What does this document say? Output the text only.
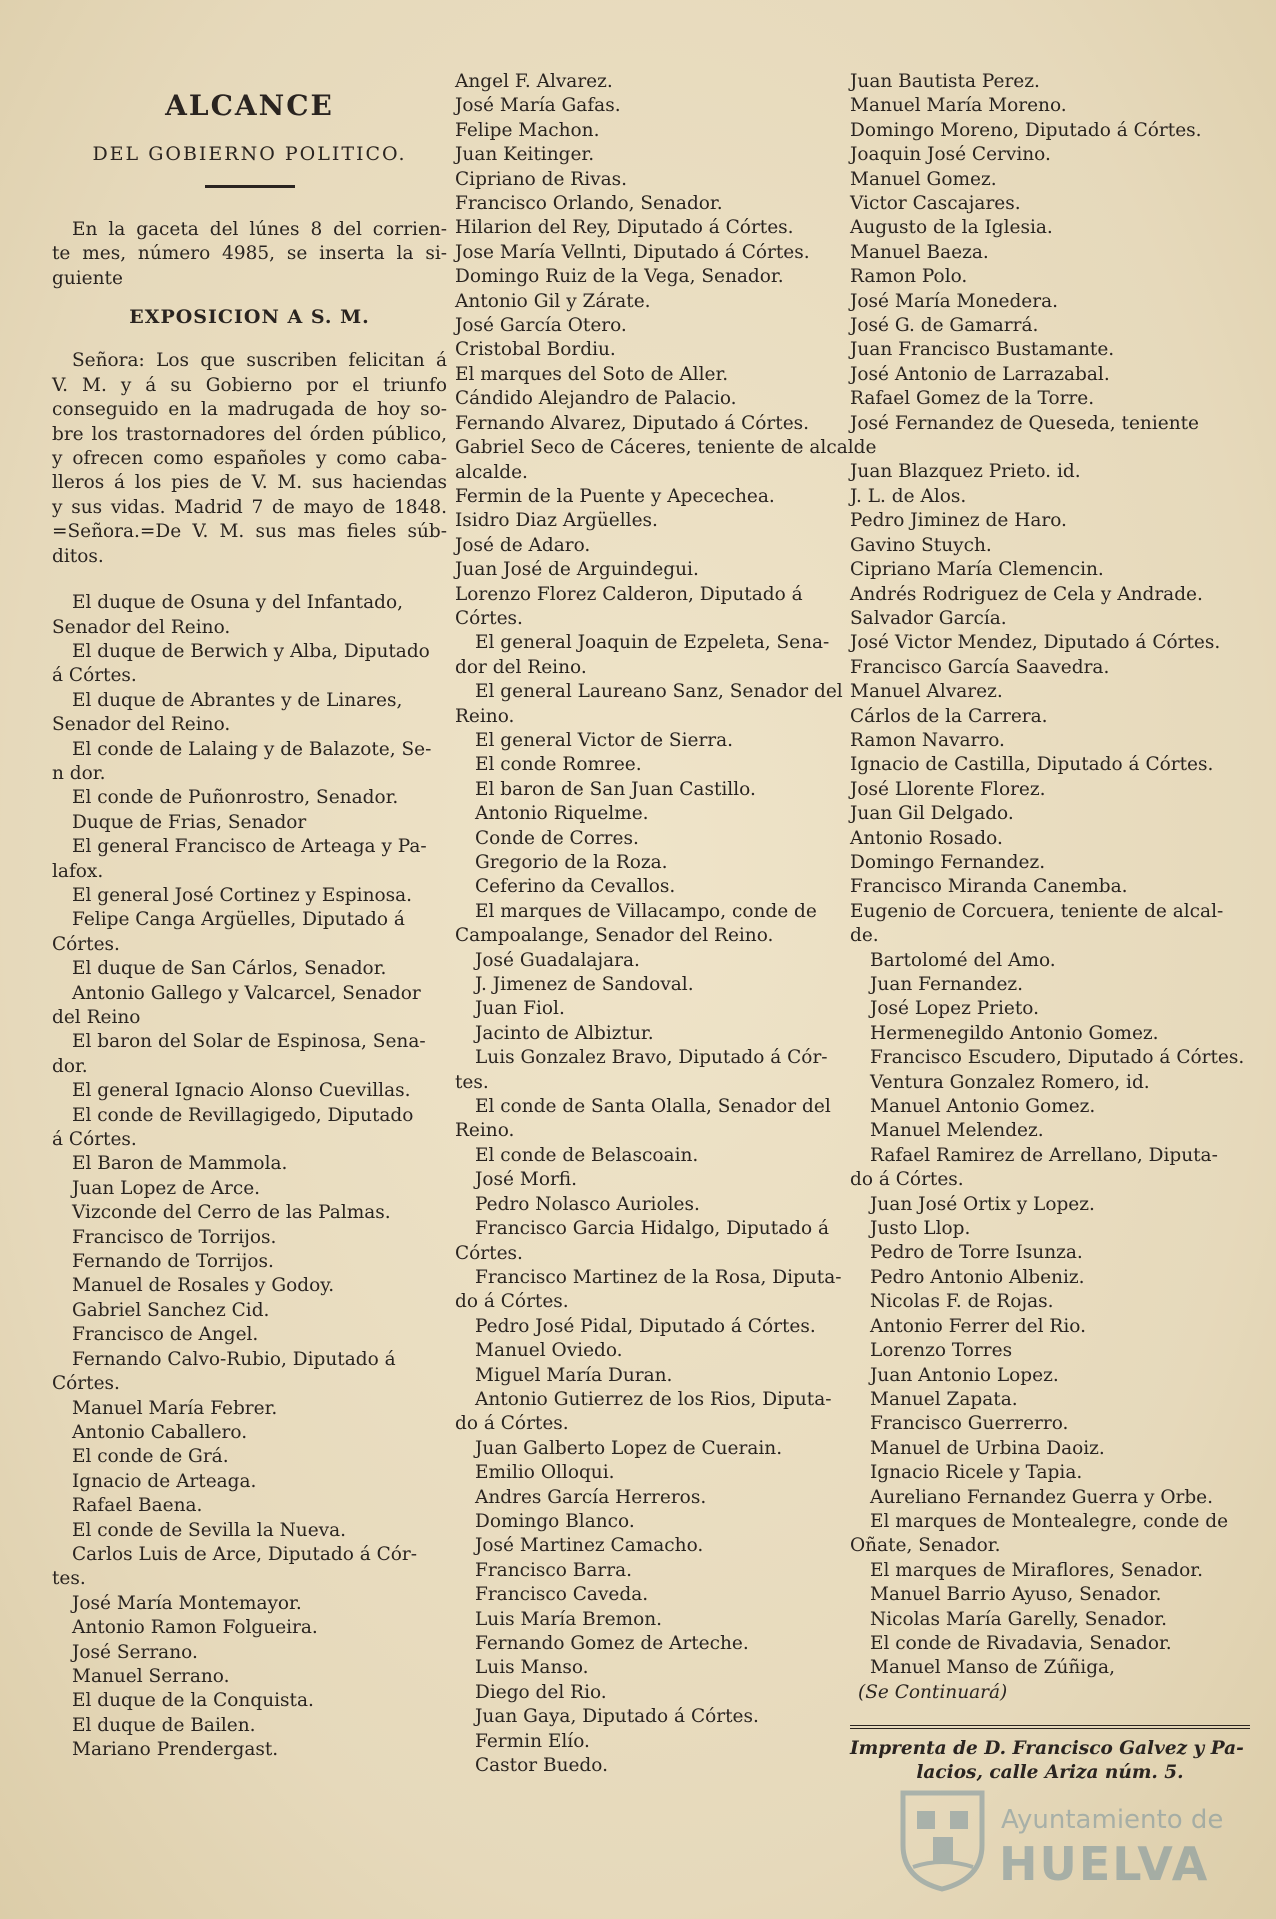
ALCANCE
DEL GOBIERNO POLITICO.
En la gaceta del lúnes 8 del corrien-
te mes, número 4985, se inserta la si-
guiente
EXPOSICION A S. M.
Señora: Los que suscriben felicitan á
V. M. y á su Gobierno por el triunfo
conseguido en la madrugada de hoy so-
bre los trastornadores del órden público,
y ofrecen como españoles y como caba-
lleros á los pies de V. M. sus haciendas
y sus vidas. Madrid 7 de mayo de 1848.
=Señora.=De V. M. sus mas fieles súb-
ditos.
El duque de Osuna y del Infantado,
Senador del Reino.
El duque de Berwich y Alba, Diputado
á Córtes.
El duque de Abrantes y de Linares,
Senador del Reino.
El conde de Lalaing y de Balazote, Se-
n dor.
El conde de Puñonrostro, Senador.
Duque de Frias, Senador
El general Francisco de Arteaga y Pa-
lafox.
El general José Cortinez y Espinosa.
Felipe Canga Argüelles, Diputado á
Córtes.
El duque de San Cárlos, Senador.
Antonio Gallego y Valcarcel, Senador
del Reino
El baron del Solar de Espinosa, Sena-
dor.
El general Ignacio Alonso Cuevillas.
El conde de Revillagigedo, Diputado
á Córtes.
El Baron de Mammola.
Juan Lopez de Arce.
Vizconde del Cerro de las Palmas.
Francisco de Torrijos.
Fernando de Torrijos.
Manuel de Rosales y Godoy.
Gabriel Sanchez Cid.
Francisco de Angel.
Fernando Calvo-Rubio, Diputado á
Córtes.
Manuel María Febrer.
Antonio Caballero.
El conde de Grá.
Ignacio de Arteaga.
Rafael Baena.
El conde de Sevilla la Nueva.
Carlos Luis de Arce, Diputado á Cór-
tes.
José María Montemayor.
Antonio Ramon Folgueira.
José Serrano.
Manuel Serrano.
El duque de la Conquista.
El duque de Bailen.
Mariano Prendergast.
Angel F. Alvarez.
José María Gafas.
Felipe Machon.
Juan Keitinger.
Cipriano de Rivas.
Francisco Orlando, Senador.
Hilarion del Rey, Diputado á Córtes.
Jose María Vellnti, Diputado á Córtes.
Domingo Ruiz de la Vega, Senador.
Antonio Gil y Zárate.
José García Otero.
Cristobal Bordiu.
El marques del Soto de Aller.
Cándido Alejandro de Palacio.
Fernando Alvarez, Diputado á Córtes.
Gabriel Seco de Cáceres, teniente de alcalde
alcalde.
Fermin de la Puente y Apecechea.
Isidro Diaz Argüelles.
José de Adaro.
Juan José de Arguindegui.
Lorenzo Florez Calderon, Diputado á
Córtes.
El general Joaquin de Ezpeleta, Sena-
dor del Reino.
El general Laureano Sanz, Senador del
Reino.
El general Victor de Sierra.
El conde Romree.
El baron de San Juan Castillo.
Antonio Riquelme.
Conde de Corres.
Gregorio de la Roza.
Ceferino da Cevallos.
El marques de Villacampo, conde de
Campoalange, Senador del Reino.
José Guadalajara.
J. Jimenez de Sandoval.
Juan Fiol.
Jacinto de Albiztur.
Luis Gonzalez Bravo, Diputado á Cór-
tes.
El conde de Santa Olalla, Senador del
Reino.
El conde de Belascoain.
José Morfi.
Pedro Nolasco Aurioles.
Francisco Garcia Hidalgo, Diputado á
Córtes.
Francisco Martinez de la Rosa, Diputa-
do á Córtes.
Pedro José Pidal, Diputado á Córtes.
Manuel Oviedo.
Miguel María Duran.
Antonio Gutierrez de los Rios, Diputa-
do á Córtes.
Juan Galberto Lopez de Cuerain.
Emilio Olloqui.
Andres García Herreros.
Domingo Blanco.
José Martinez Camacho.
Francisco Barra.
Francisco Caveda.
Luis María Bremon.
Fernando Gomez de Arteche.
Luis Manso.
Diego del Rio.
Juan Gaya, Diputado á Córtes.
Fermin Elío.
Castor Buedo.
Juan Bautista Perez.
Manuel María Moreno.
Domingo Moreno, Diputado á Córtes.
Joaquin José Cervino.
Manuel Gomez.
Victor Cascajares.
Augusto de la Iglesia.
Manuel Baeza.
Ramon Polo.
José María Monedera.
José G. de Gamarrá.
Juan Francisco Bustamante.
José Antonio de Larrazabal.
Rafael Gomez de la Torre.
José Fernandez de Queseda, teniente
Juan Blazquez Prieto. id.
J. L. de Alos.
Pedro Jiminez de Haro.
Gavino Stuych.
Cipriano María Clemencin.
Andrés Rodriguez de Cela y Andrade.
Salvador García.
José Victor Mendez, Diputado á Córtes.
Francisco García Saavedra.
Manuel Alvarez.
Cárlos de la Carrera.
Ramon Navarro.
Ignacio de Castilla, Diputado á Córtes.
José Llorente Florez.
Juan Gil Delgado.
Antonio Rosado.
Domingo Fernandez.
Francisco Miranda Canemba.
Eugenio de Corcuera, teniente de alcal-
de.
Bartolomé del Amo.
Juan Fernandez.
José Lopez Prieto.
Hermenegildo Antonio Gomez.
Francisco Escudero, Diputado á Córtes.
Ventura Gonzalez Romero, id.
Manuel Antonio Gomez.
Manuel Melendez.
Rafael Ramirez de Arrellano, Diputa-
do á Córtes.
Juan José Ortix y Lopez.
Justo Llop.
Pedro de Torre Isunza.
Pedro Antonio Albeniz.
Nicolas F. de Rojas.
Antonio Ferrer del Rio.
Lorenzo Torres
Juan Antonio Lopez.
Manuel Zapata.
Francisco Guerrerro.
Manuel de Urbina Daoiz.
Ignacio Ricele y Tapia.
Aureliano Fernandez Guerra y Orbe.
El marques de Montealegre, conde de
Oñate, Senador.
El marques de Miraflores, Senador.
Manuel Barrio Ayuso, Senador.
Nicolas María Garelly, Senador.
El conde de Rivadavia, Senador.
Manuel Manso de Zúñiga,
(Se Continuará)
Imprenta de D. Francisco Galvez y Pa-
lacios, calle Ariza núm. 5.
Ayuntamiento de
HUELVA
